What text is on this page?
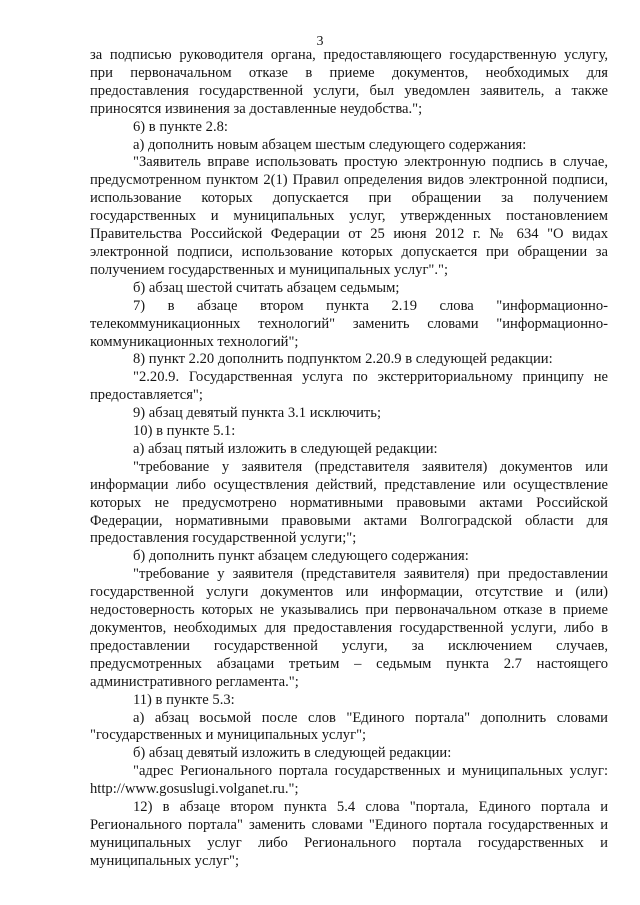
3

за подписью руководителя органа, предоставляющего государственную услугу, при первоначальном отказе в приеме документов, необходимых для предоставления государственной услуги, был уведомлен заявитель, а также приносятся извинения за доставленные неудобства.";

6) в пункте 2.8:

а) дополнить новым абзацем шестым следующего содержания:

"Заявитель вправе использовать простую электронную подпись в случае, предусмотренном пунктом 2(1) Правил определения видов электронной подписи, использование которых допускается при обращении за получением государственных и муниципальных услуг, утвержденных постановлением Правительства Российской Федерации от 25 июня 2012 г. № 634 "О видах электронной подписи, использование которых допускается при обращении за получением государственных и муниципальных услуг".";

б) абзац шестой считать абзацем седьмым;

7) в абзаце втором пункта 2.19 слова "информационно-телекоммуникационных технологий" заменить словами "информационно-коммуникационных технологий";

8) пункт 2.20 дополнить подпунктом 2.20.9 в следующей редакции:

"2.20.9. Государственная услуга по экстерриториальному принципу не предоставляется";

9) абзац девятый пункта 3.1 исключить;

10) в пункте 5.1:

а) абзац пятый изложить в следующей редакции:

"требование у заявителя (представителя заявителя) документов или информации либо осуществления действий, представление или осуществление которых не предусмотрено нормативными правовыми актами Российской Федерации, нормативными правовыми актами Волгоградской области для предоставления государственной услуги;";

б) дополнить пункт абзацем следующего содержания:

"требование у заявителя (представителя заявителя) при предоставлении государственной услуги документов или информации, отсутствие и (или) недостоверность которых не указывались при первоначальном отказе в приеме документов, необходимых для предоставления государственной услуги, либо в предоставлении государственной услуги, за исключением случаев, предусмотренных абзацами третьим – седьмым пункта 2.7 настоящего административного регламента.";

11) в пункте 5.3:

а) абзац восьмой после слов "Единого портала" дополнить словами "государственных и муниципальных услуг";

б) абзац девятый изложить в следующей редакции:

"адрес Регионального портала государственных и муниципальных услуг: http://www.gosuslugi.volganet.ru.";

12) в абзаце втором пункта 5.4 слова "портала, Единого портала и Регионального портала" заменить словами "Единого портала государственных и муниципальных услуг либо Регионального портала государственных и муниципальных услуг";
